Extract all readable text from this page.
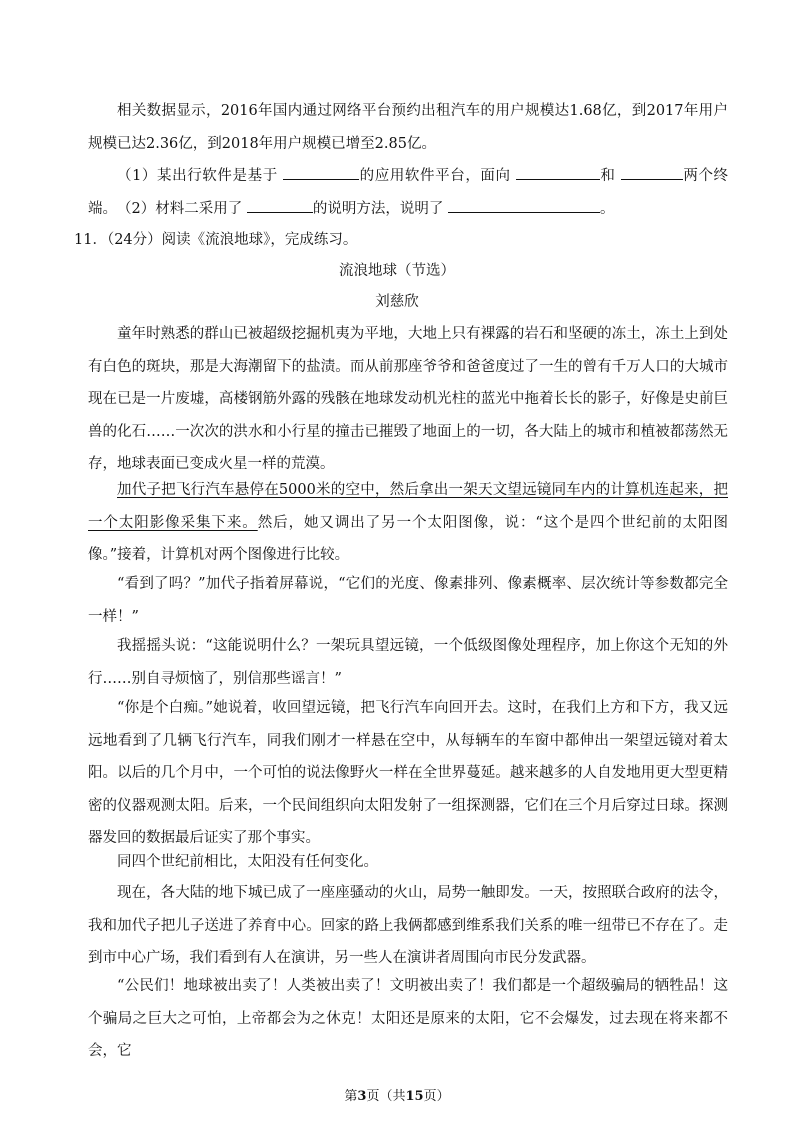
相关数据显示，2016年国内通过网络平台预约出租汽车的用户规模达1.68亿，到2017年用户规模已达2.36亿，到2018年用户规模已增至2.85亿。

（1）某出行软件是基于	的应用软件平台，面向	和	两个终端。 （2）材料二采用了	的说明方法，说明了	。

11．（24分）阅读《流浪地球》，完成练习。

流浪地球（节选）

刘慈欣

童年时熟悉的群山已被超级挖掘机夷为平地，大地上只有裸露的岩石和坚硬的冻土，冻土上到处有白色的斑块，那是大海潮留下的盐渍。而从前那座爷爷和爸爸度过了一生的曾有千万人口的大城市现在已是一片废墟，高楼钢筋外露的残骸在地球发动机光柱的蓝光中拖着长长的影子，好像是史前巨兽的化石……一次次的洪水和小行星的撞击已摧毁了地面上的一切，各大陆上的城市和植被都荡然无存，地球表面已变成火星一样的荒漠。

加代子把飞行汽车悬停在5000米的空中，然后拿出一架天文望远镜同车内的计算机连起来，把一个太阳影像采集下来。然后，她又调出了另一个太阳图像，说：“这个是四个世纪前的太阳图像。”接着，计算机对两个图像进行比较。

“看到了吗？”加代子指着屏幕说，“它们的光度、像素排列、像素概率、层次统计等参数都完全一样！”

我摇摇头说：“这能说明什么？一架玩具望远镜，一个低级图像处理程序，加上你这个无知的外行……别自寻烦恼了，别信那些谣言！”

“你是个白痴。”她说着，收回望远镜，把飞行汽车向回开去。这时，在我们上方和下方，我又远远地看到了几辆飞行汽车，同我们刚才一样悬在空中，从每辆车的车窗中都伸出一架望远镜对着太阳。以后的几个月中，一个可怕的说法像野火一样在全世界蔓延。越来越多的人自发地用更大型更精密的仪器观测太阳。后来，一个民间组织向太阳发射了一组探测器，它们在三个月后穿过日球。探测器发回的数据最后证实了那个事实。

同四个世纪前相比，太阳没有任何变化。

现在，各大陆的地下城已成了一座座骚动的火山，局势一触即发。一天，按照联合政府的法令，我和加代子把儿子送进了养育中心。回家的路上我俩都感到维系我们关系的唯一纽带已不存在了。走到市中心广场，我们看到有人在演讲，另一些人在演讲者周围向市民分发武器。

“公民们！地球被出卖了！人类被出卖了！文明被出卖了！我们都是一个超级骗局的牺牲品！这个骗局之巨大之可怕，上帝都会为之休克！太阳还是原来的太阳，它不会爆发，过去现在将来都不会，它

第3页（共15页）
